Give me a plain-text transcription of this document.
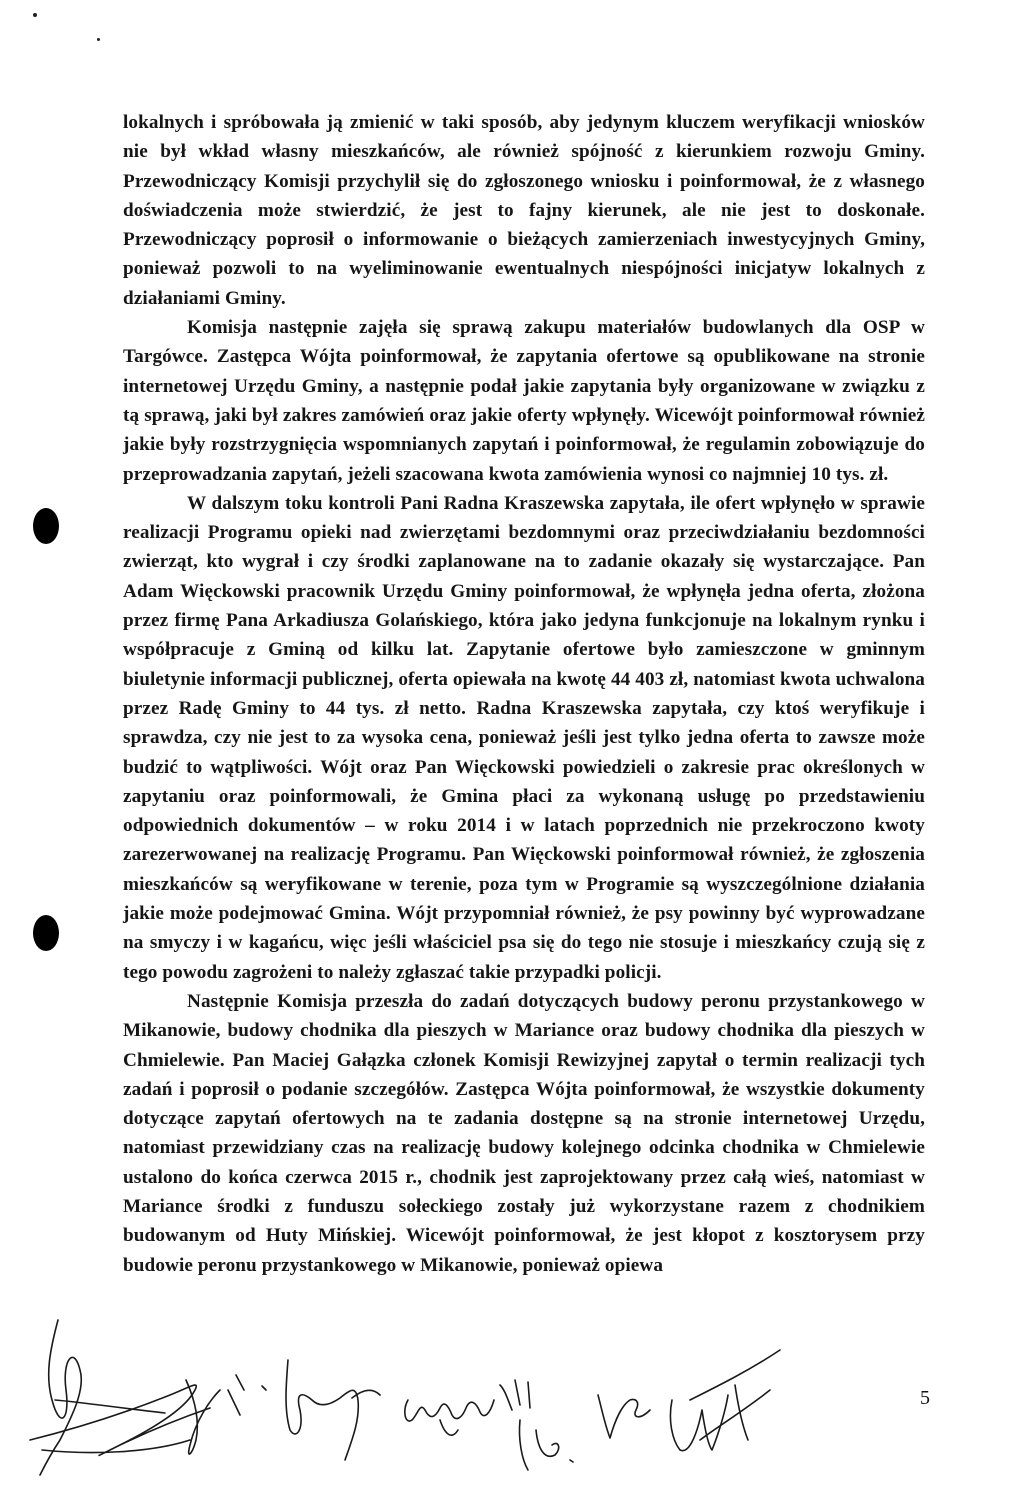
lokalnych i spróbowała ją zmienić w taki sposób, aby jedynym kluczem weryfikacji wniosków nie był wkład własny mieszkańców, ale również spójność z kierunkiem rozwoju Gminy. Przewodniczący Komisji przychylił się do zgłoszonego wniosku i poinformował, że z własnego doświadczenia może stwierdzić, że jest to fajny kierunek, ale nie jest to doskonałe. Przewodniczący poprosił o informowanie o bieżących zamierzeniach inwestycyjnych Gminy, ponieważ pozwoli to na wyeliminowanie ewentualnych niespójności inicjatyw lokalnych z działaniami Gminy.

Komisja następnie zajęła się sprawą zakupu materiałów budowlanych dla OSP w Targówce. Zastępca Wójta poinformował, że zapytania ofertowe są opublikowane na stronie internetowej Urzędu Gminy, a następnie podał jakie zapytania były organizowane w związku z tą sprawą, jaki był zakres zamówień oraz jakie oferty wpłynęły. Wicewójt poinformował również jakie były rozstrzygnięcia wspomnianych zapytań i poinformował, że regulamin zobowiązuje do przeprowadzania zapytań, jeżeli szacowana kwota zamówienia wynosi co najmniej 10 tys. zł.

W dalszym toku kontroli Pani Radna Kraszewska zapytała, ile ofert wpłynęło w sprawie realizacji Programu opieki nad zwierzętami bezdomnymi oraz przeciwdziałaniu bezdomności zwierząt, kto wygrał i czy środki zaplanowane na to zadanie okazały się wystarczające. Pan Adam Więckowski pracownik Urzędu Gminy poinformował, że wpłynęła jedna oferta, złożona przez firmę Pana Arkadiusza Golańskiego, która jako jedyna funkcjonuje na lokalnym rynku i współpracuje z Gminą od kilku lat. Zapytanie ofertowe było zamieszczone w gminnym biuletynie informacji publicznej, oferta opiewała na kwotę 44 403 zł, natomiast kwota uchwalona przez Radę Gminy to 44 tys. zł netto. Radna Kraszewska zapytała, czy ktoś weryfikuje i sprawdza, czy nie jest to za wysoka cena, ponieważ jeśli jest tylko jedna oferta to zawsze może budzić to wątpliwości. Wójt oraz Pan Więckowski powiedzieli o zakresie prac określonych w zapytaniu oraz poinformowali, że Gmina płaci za wykonaną usługę po przedstawieniu odpowiednich dokumentów – w roku 2014 i w latach poprzednich nie przekroczono kwoty zarezerwowanej na realizację Programu. Pan Więckowski poinformował również, że zgłoszenia mieszkańców są weryfikowane w terenie, poza tym w Programie są wyszczególnione działania jakie może podejmować Gmina. Wójt przypomniał również, że psy powinny być wyprowadzane na smyczy i w kagańcu, więc jeśli właściciel psa się do tego nie stosuje i mieszkańcy czują się z tego powodu zagrożeni to należy zgłaszać takie przypadki policji.

Następnie Komisja przeszła do zadań dotyczących budowy peronu przystankowego w Mikanowie, budowy chodnika dla pieszych w Mariance oraz budowy chodnika dla pieszych w Chmielewie. Pan Maciej Gałązka członek Komisji Rewizyjnej zapytał o termin realizacji tych zadań i poprosił o podanie szczegółów. Zastępca Wójta poinformował, że wszystkie dokumenty dotyczące zapytań ofertowych na te zadania dostępne są na stronie internetowej Urzędu, natomiast przewidziany czas na realizację budowy kolejnego odcinka chodnika w Chmielewie ustalono do końca czerwca 2015 r., chodnik jest zaprojektowany przez całą wieś, natomiast w Mariance środki z funduszu sołeckiego zostały już wykorzystane razem z chodnikiem budowanym od Huty Mińskiej. Wicewójt poinformował, że jest kłopot z kosztorysem przy budowie peronu przystankowego w Mikanowie, ponieważ opiewa

5
